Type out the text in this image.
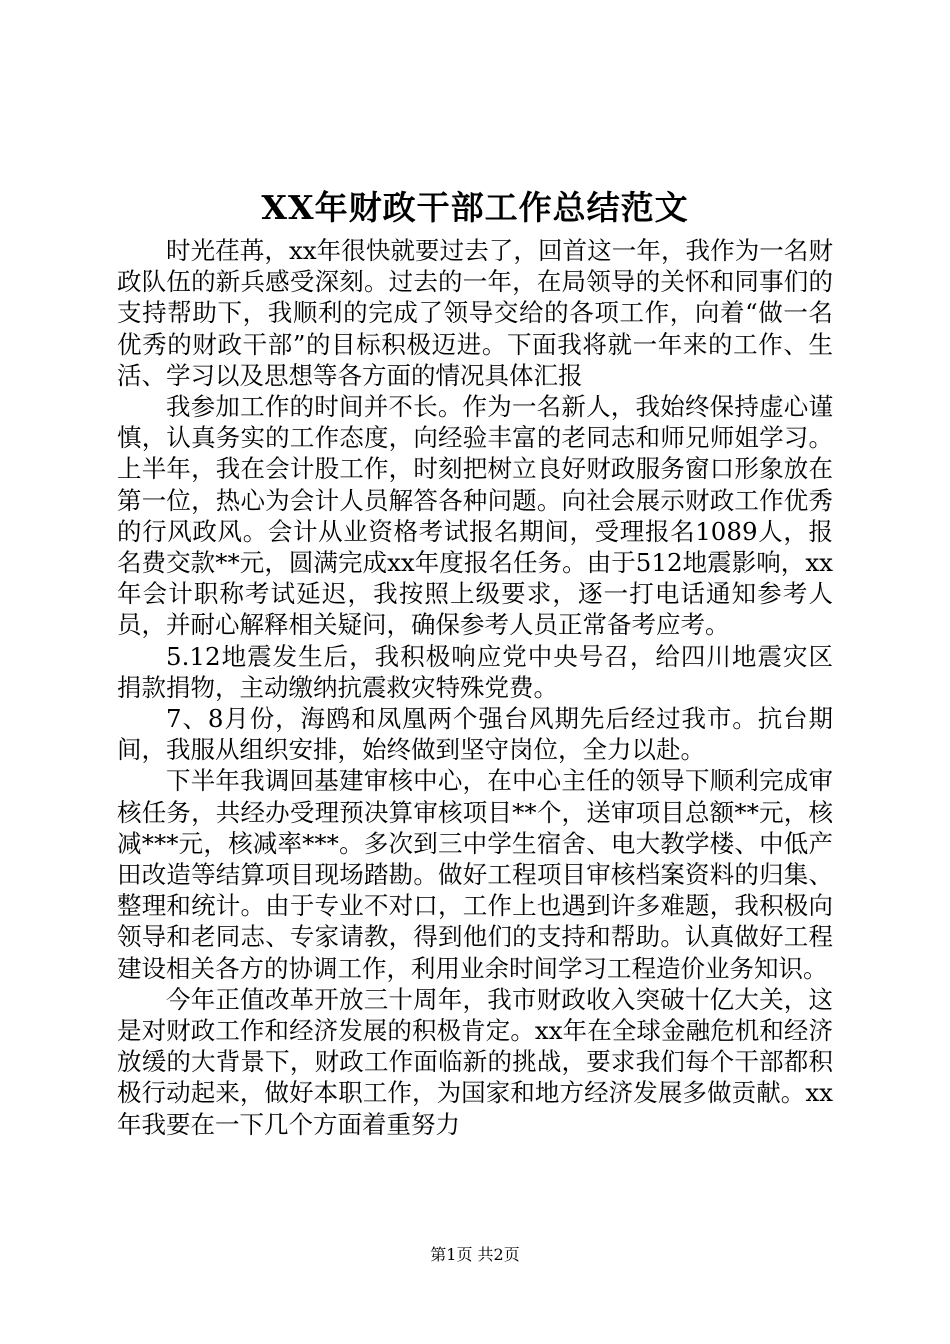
XX年财政干部工作总结范文

时光荏苒，xx年很快就要过去了，回首这一年，我作为一名财政队伍的新兵感受深刻。过去的一年，在局领导的关怀和同事们的支持帮助下，我顺利的完成了领导交给的各项工作，向着“做一名优秀的财政干部”的目标积极迈进。下面我将就一年来的工作、生活、学习以及思想等各方面的情况具体汇报

我参加工作的时间并不长。作为一名新人，我始终保持虚心谨慎，认真务实的工作态度，向经验丰富的老同志和师兄师姐学习。上半年，我在会计股工作，时刻把树立良好财政服务窗口形象放在第一位，热心为会计人员解答各种问题。向社会展示财政工作优秀的行风政风。会计从业资格考试报名期间，受理报名1089人，报名费交款**元，圆满完成xx年度报名任务。由于512地震影响，xx年会计职称考试延迟，我按照上级要求，逐一打电话通知参考人员，并耐心解释相关疑问，确保参考人员正常备考应考。

5.12地震发生后，我积极响应党中央号召，给四川地震灾区捐款捐物，主动缴纳抗震救灾特殊党费。

7、8月份，海鸥和凤凰两个强台风期先后经过我市。抗台期间，我服从组织安排，始终做到坚守岗位，全力以赴。

下半年我调回基建审核中心，在中心主任的领导下顺利完成审核任务，共经办受理预决算审核项目**个，送审项目总额**元，核减***元，核减率***。多次到三中学生宿舍、电大教学楼、中低产田改造等结算项目现场踏勘。做好工程项目审核档案资料的归集、整理和统计。由于专业不对口，工作上也遇到许多难题，我积极向领导和老同志、专家请教，得到他们的支持和帮助。认真做好工程建设相关各方的协调工作，利用业余时间学习工程造价业务知识。

今年正值改革开放三十周年，我市财政收入突破十亿大关，这是对财政工作和经济发展的积极肯定。xx年在全球金融危机和经济放缓的大背景下，财政工作面临新的挑战，要求我们每个干部都积极行动起来，做好本职工作，为国家和地方经济发展多做贡献。xx年我要在一下几个方面着重努力

第1页 共2页
